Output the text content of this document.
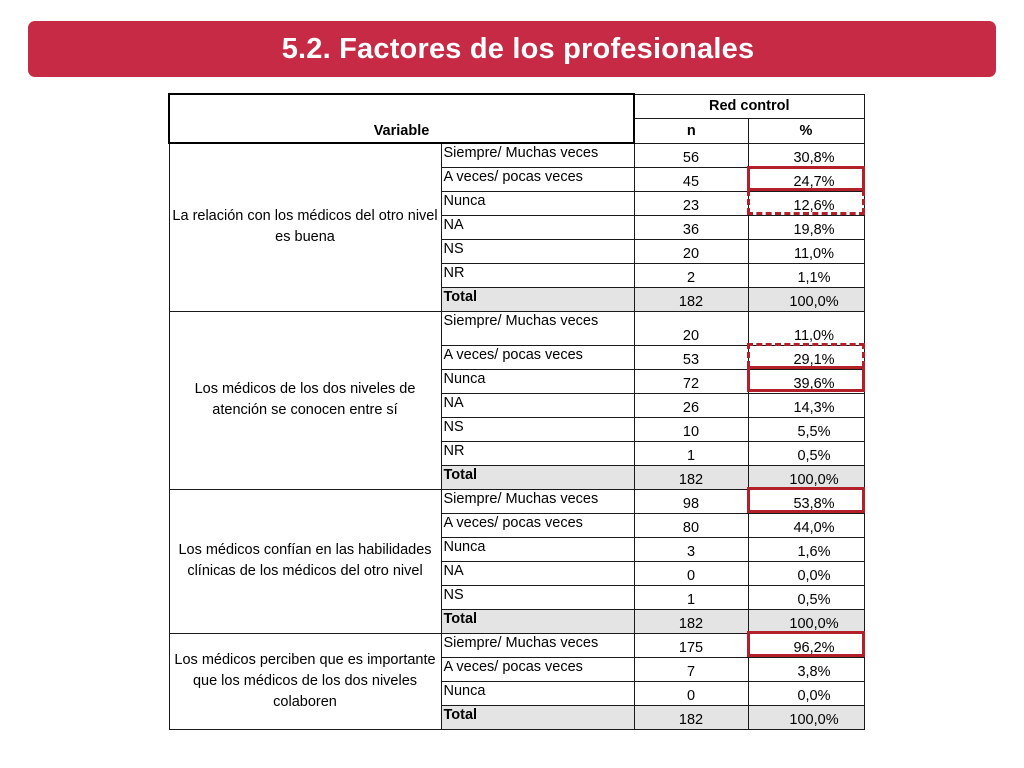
5.2. Factores de los profesionales
Variable		Red control	
		n	%
La relación con los médicos del otro nivel es buena	Siempre/ Muchas veces	56	30,8%
	A veces/ pocas veces	45	24,7%
	Nunca	23	12,6%
	NA	36	19,8%
	NS	20	11,0%
	NR	2	1,1%
	Total	182	100,0%
Los médicos de los dos niveles de atención se conocen entre sí	Siempre/ Muchas veces	20	11,0%
	A veces/ pocas veces	53	29,1%
	Nunca	72	39,6%
	NA	26	14,3%
	NS	10	5,5%
	NR	1	0,5%
	Total	182	100,0%
Los médicos confían en las habilidades clínicas de los médicos del otro nivel	Siempre/ Muchas veces	98	53,8%
	A veces/ pocas veces	80	44,0%
	Nunca	3	1,6%
	NA	0	0,0%
	NS	1	0,5%
	Total	182	100,0%
Los médicos perciben que es importante que los médicos de los dos niveles colaboren	Siempre/ Muchas veces	175	96,2%
	A veces/ pocas veces	7	3,8%
	Nunca	0	0,0%
	Total	182	100,0%
